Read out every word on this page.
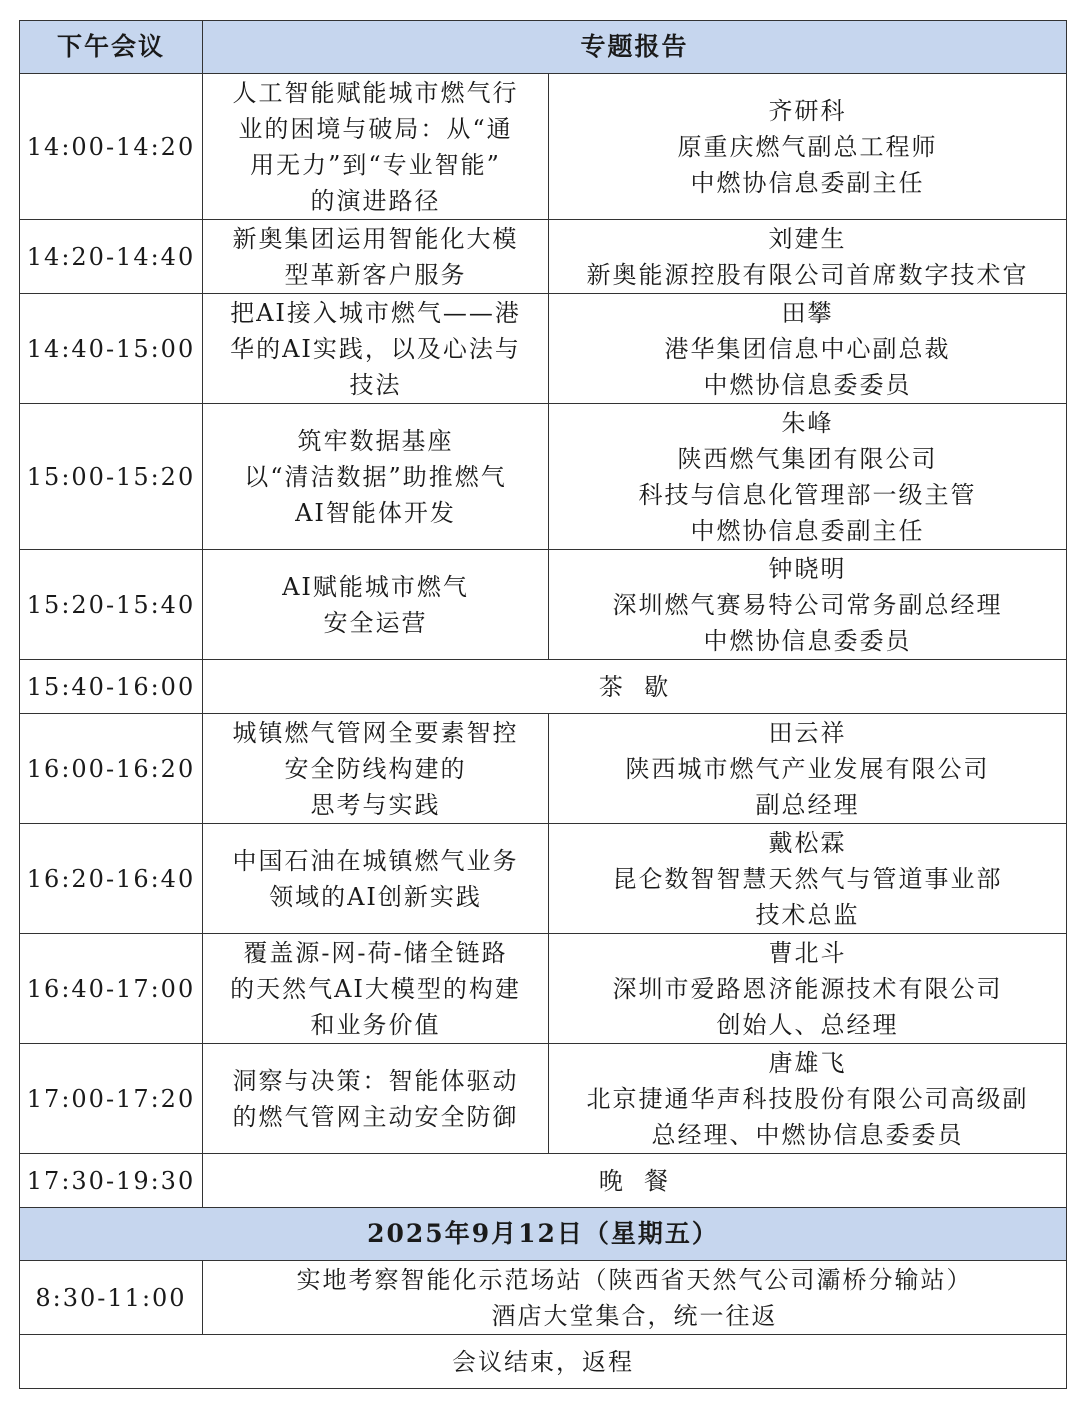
下午会议	专题报告	
14:00-14:20	人工智能赋能城市燃气行
业的困境与破局：从“通
用无力”到“专业智能”
的演进路径	齐研科
原重庆燃气副总工程师
中燃协信息委副主任

14:20-14:40	新奥集团运用智能化大模
型革新客户服务	刘建生
新奥能源控股有限公司首席数字技术官

14:40-15:00	把AI接入城市燃气——港
华的AI实践，以及心法与
技法	田攀
港华集团信息中心副总裁
中燃协信息委委员

15:00-15:20	筑牢数据基座
以“清洁数据”助推燃气
AI智能体开发	朱峰
陕西燃气集团有限公司
科技与信息化管理部一级主管
中燃协信息委副主任

15:20-15:40	AI赋能城市燃气
安全运营	钟晓明
深圳燃气赛易特公司常务副总经理
中燃协信息委委员

15:40-16:00	茶  歇	
16:00-16:20	城镇燃气管网全要素智控
安全防线构建的
思考与实践	田云祥
陕西城市燃气产业发展有限公司
副总经理

16:20-16:40	中国石油在城镇燃气业务
领域的AI创新实践	戴松霖
昆仑数智智慧天然气与管道事业部
技术总监

16:40-17:00	覆盖源-网-荷-储全链路
的天然气AI大模型的构建
和业务价值	曹北斗
深圳市爱路恩济能源技术有限公司
创始人、总经理

17:00-17:20	洞察与决策：智能体驱动
的燃气管网主动安全防御	唐雄飞
北京捷通华声科技股份有限公司高级副
总经理、中燃协信息委委员

17:30-19:30	晚  餐	
2025年9月12日（星期五）		
8:30-11:00	实地考察智能化示范场站（陕西省天然气公司灞桥分输站）
酒店大堂集合，统一往返	

会议结束，返程		
